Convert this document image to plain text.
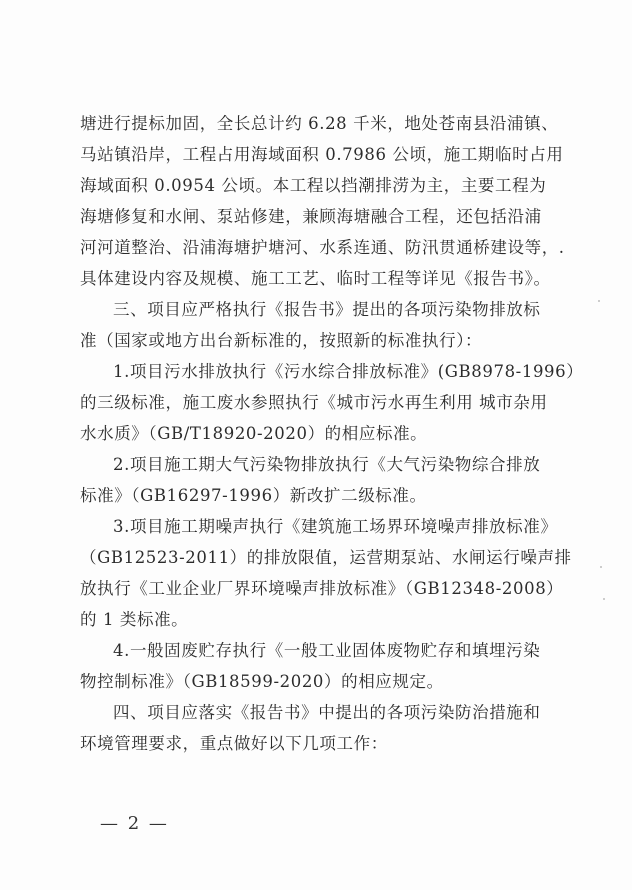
塘进行提标加固，全长总计约 6.28 千米，地处苍南县沿浦镇、
马站镇沿岸，工程占用海域面积 0.7986 公顷，施工期临时占用
海域面积 0.0954 公顷。本工程以挡潮排涝为主，主要工程为
海塘修复和水闸、泵站修建，兼顾海塘融合工程，还包括沿浦
河河道整治、沿浦海塘护塘河、水系连通、防汛贯通桥建设等，.
具体建设内容及规模、施工工艺、临时工程等详见《报告书》。
三、项目应严格执行《报告书》提出的各项污染物排放标
准（国家或地方出台新标准的，按照新的标准执行）：
1.项目污水排放执行《污水综合排放标准》(GB8978-1996）
的三级标准，施工废水参照执行《城市污水再生利用 城市杂用
水水质》（GB/T18920-2020）的相应标准。
2.项目施工期大气污染物排放执行《大气污染物综合排放
标准》（GB16297-1996）新改扩二级标准。
3.项目施工期噪声执行《建筑施工场界环境噪声排放标准》
（GB12523-2011）的排放限值，运营期泵站、水闸运行噪声排
放执行《工业企业厂界环境噪声排放标准》（GB12348-2008）
的 1 类标准。
4.一般固废贮存执行《一般工业固体废物贮存和填埋污染
物控制标准》（GB18599-2020）的相应规定。
四、项目应落实《报告书》中提出的各项污染防治措施和
环境管理要求，重点做好以下几项工作：
— 2 —
